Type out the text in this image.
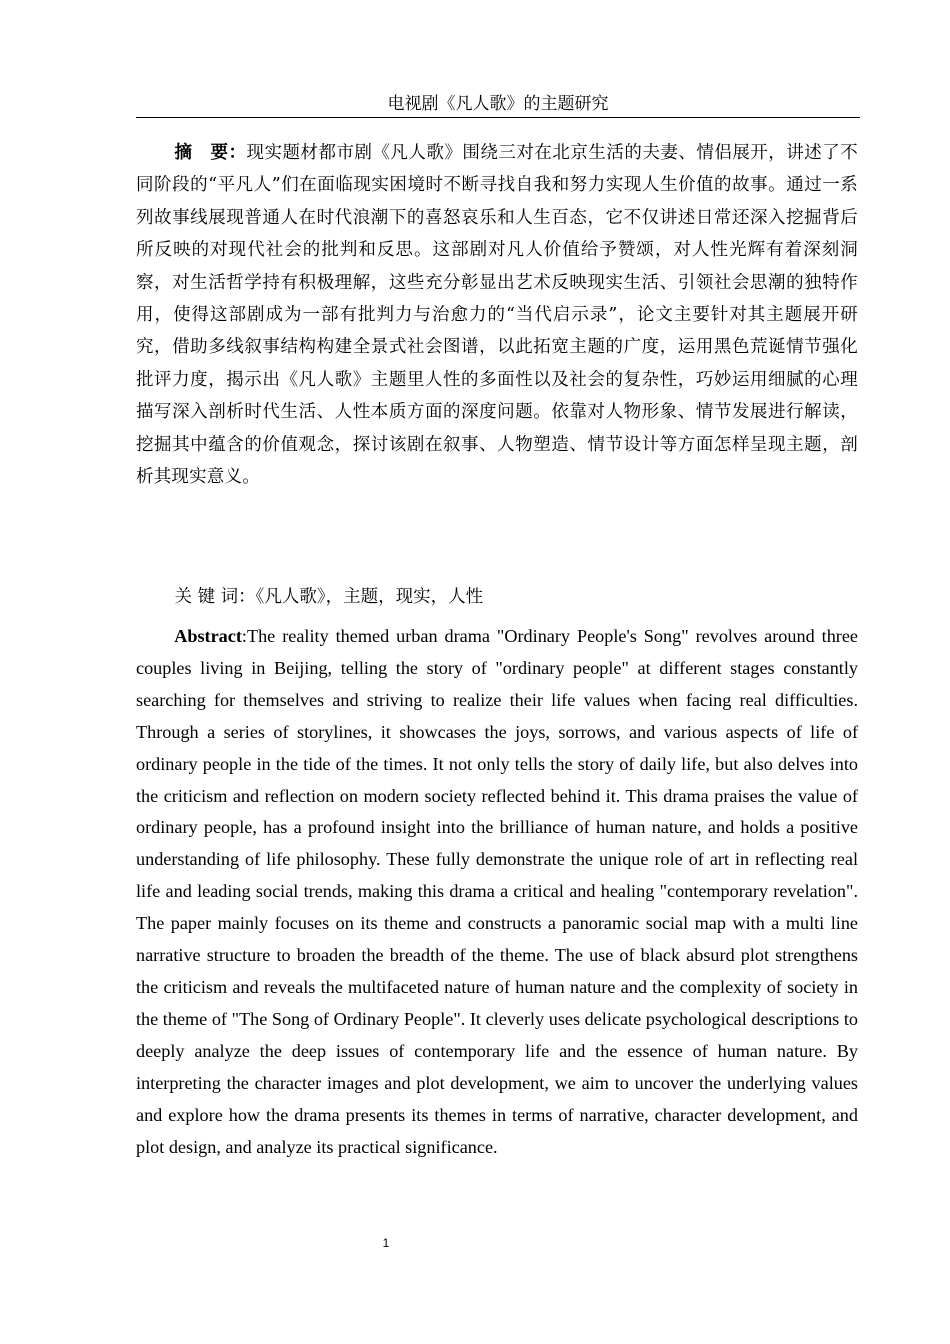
电视剧《凡人歌》的主题研究

摘　要：现实题材都市剧《凡人歌》围绕三对在北京生活的夫妻、情侣展开，讲述了不同阶段的“平凡人”们在面临现实困境时不断寻找自我和努力实现人生价值的故事。通过一系列故事线展现普通人在时代浪潮下的喜怒哀乐和人生百态，它不仅讲述日常还深入挖掘背后所反映的对现代社会的批判和反思。这部剧对凡人价值给予赞颂，对人性光辉有着深刻洞察，对生活哲学持有积极理解，这些充分彰显出艺术反映现实生活、引领社会思潮的独特作用，使得这部剧成为一部有批判力与治愈力的“当代启示录”，论文主要针对其主题展开研究，借助多线叙事结构构建全景式社会图谱，以此拓宽主题的广度，运用黑色荒诞情节强化批评力度，揭示出《凡人歌》主题里人性的多面性以及社会的复杂性，巧妙运用细腻的心理描写深入剖析时代生活、人性本质方面的深度问题。依靠对人物形象、情节发展进行解读，挖掘其中蕴含的价值观念，探讨该剧在叙事、人物塑造、情节设计等方面怎样呈现主题，剖析其现实意义。

关 键 词：《凡人歌》，主题，现实，人性

Abstract:The reality themed urban drama "Ordinary People's Song" revolves around three couples living in Beijing, telling the story of "ordinary people" at different stages constantly searching for themselves and striving to realize their life values when facing real difficulties. Through a series of storylines, it showcases the joys, sorrows, and various aspects of life of ordinary people in the tide of the times. It not only tells the story of daily life, but also delves into the criticism and reflection on modern society reflected behind it. This drama praises the value of ordinary people, has a profound insight into the brilliance of human nature, and holds a positive understanding of life philosophy. These fully demonstrate the unique role of art in reflecting real life and leading social trends, making this drama a critical and healing "contemporary revelation". The paper mainly focuses on its theme and constructs a panoramic social map with a multi line narrative structure to broaden the breadth of the theme. The use of black absurd plot strengthens the criticism and reveals the multifaceted nature of human nature and the complexity of society in the theme of "The Song of Ordinary People". It cleverly uses delicate psychological descriptions to deeply analyze the deep issues of contemporary life and the essence of human nature. By interpreting the character images and plot development, we aim to uncover the underlying values and explore how the drama presents its themes in terms of narrative, character development, and plot design, and analyze its practical significance.

1
